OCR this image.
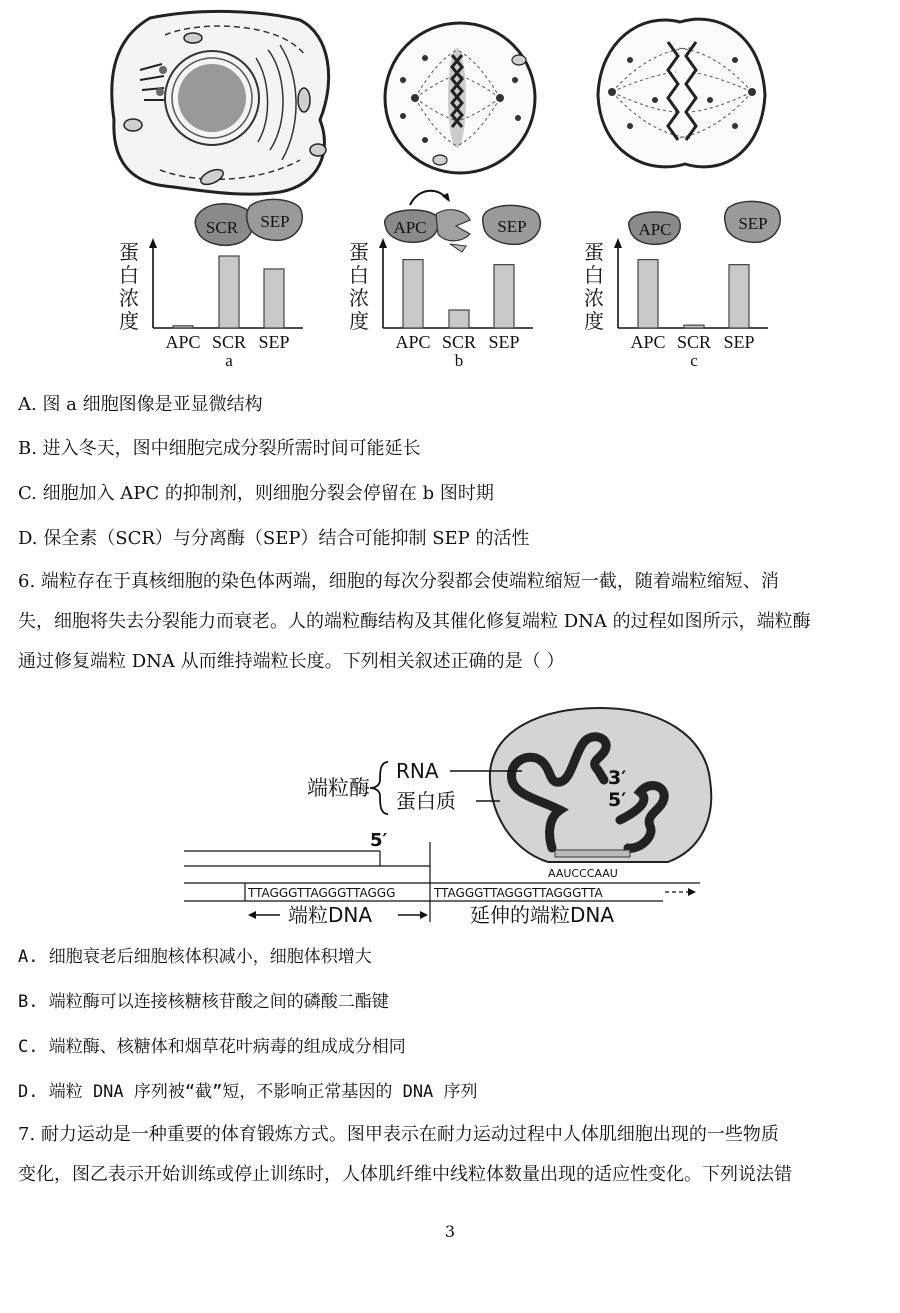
SCR SEP	APC	SEP	APC	SEP
蛋
白
浓
度
APC SCR SEP
a
蛋
白
浓
度
APC SCR SEP
b
蛋
白
浓
度
APC SCR SEP
c
A. 图 a 细胞图像是亚显微结构
B. 进入冬天，图中细胞完成分裂所需时间可能延长
C. 细胞加入 APC 的抑制剂，则细胞分裂会停留在 b 图时期
D. 保全素（SCR）与分离酶（SEP）结合可能抑制 SEP 的活性
6. 端粒存在于真核细胞的染色体两端，细胞的每次分裂都会使端粒缩短一截，随着端粒缩短、消
失，细胞将失去分裂能力而衰老。人的端粒酶结构及其催化修复端粒 DNA 的过程如图所示，端粒酶
通过修复端粒 DNA 从而维持端粒长度。下列相关叙述正确的是（ ）
3′
5′
AAUCCCAAU
端粒酶
RNA
蛋白质
5′
TTAGGGTTAGGGTTAGGG	TTAGGGTTAGGGTTAGGGTTA
端粒DNA	延伸的端粒DNA
A. 细胞衰老后细胞核体积减小，细胞体积增大
B. 端粒酶可以连接核糖核苷酸之间的磷酸二酯键
C. 端粒酶、核糖体和烟草花叶病毒的组成成分相同
D. 端粒 DNA 序列被“截”短，不影响正常基因的 DNA 序列
7. 耐力运动是一种重要的体育锻炼方式。图甲表示在耐力运动过程中人体肌细胞出现的一些物质
变化，图乙表示开始训练或停止训练时，人体肌纤维中线粒体数量出现的适应性变化。下列说法错
3
